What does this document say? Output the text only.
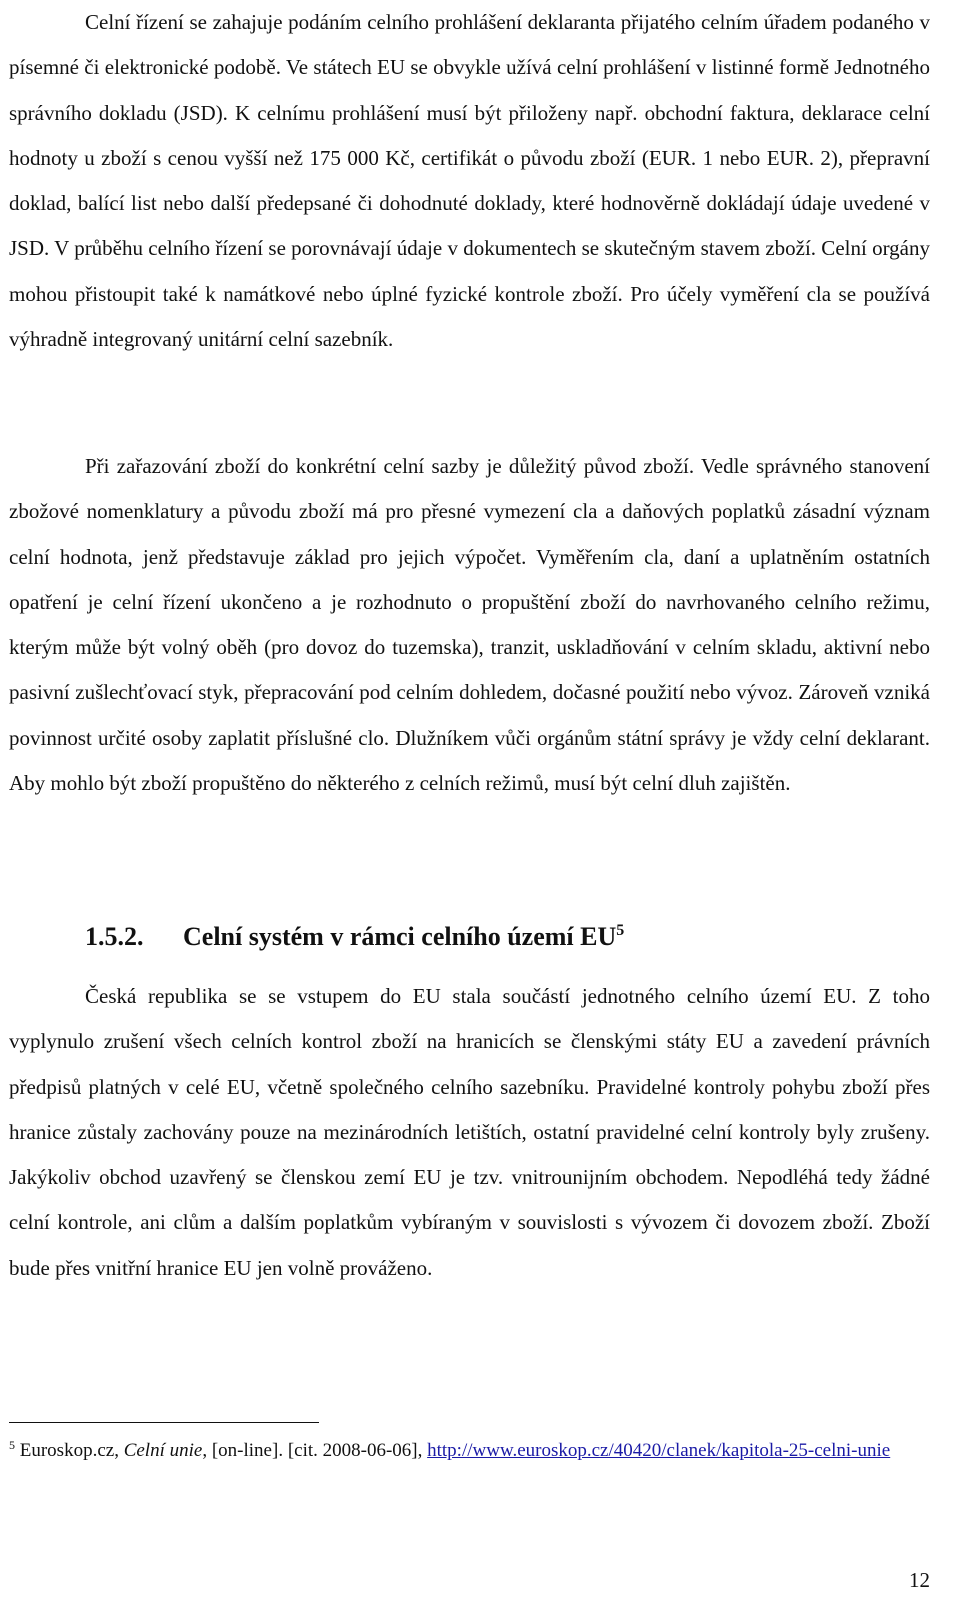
Celní řízení se zahajuje podáním celního prohlášení deklaranta přijatého celním úřadem podaného v písemné či elektronické podobě. Ve státech EU se obvykle užívá celní prohlášení v listinné formě Jednotného správního dokladu (JSD). K celnímu prohlášení musí být přiloženy např. obchodní faktura, deklarace celní hodnoty u zboží s cenou vyšší než 175 000 Kč, certifikát o původu zboží (EUR. 1 nebo EUR. 2), přepravní doklad, balící list nebo další předepsané či dohodnuté doklady, které hodnověrně dokládají údaje uvedené v JSD. V průběhu celního řízení se porovnávají údaje v dokumentech se skutečným stavem zboží. Celní orgány mohou přistoupit také k namátkové nebo úplné fyzické kontrole zboží. Pro účely vyměření cla se používá výhradně integrovaný unitární celní sazebník.

Při zařazování zboží do konkrétní celní sazby je důležitý původ zboží. Vedle správného stanovení zbožové nomenklatury a původu zboží má pro přesné vymezení cla a daňových poplatků zásadní význam celní hodnota, jenž představuje základ pro jejich výpočet. Vyměřením cla, daní a uplatněním ostatních opatření je celní řízení ukončeno a je rozhodnuto o propuštění zboží do navrhovaného celního režimu, kterým může být volný oběh (pro dovoz do tuzemska), tranzit, uskladňování v celním skladu, aktivní nebo pasivní zušlechťovací styk, přepracování pod celním dohledem, dočasné použití nebo vývoz. Zároveň vzniká povinnost určité osoby zaplatit příslušné clo. Dlužníkem vůči orgánům státní správy je vždy celní deklarant. Aby mohlo být zboží propuštěno do některého z celních režimů, musí být celní dluh zajištěn.

1.5.2. Celní systém v rámci celního území $EU^5$

Česká republika se se vstupem do EU stala součástí jednotného celního území EU. Z toho vyplynulo zrušení všech celních kontrol zboží na hranicích se členskými státy EU a zavedení právních předpisů platných v celé EU, včetně společného celního sazebníku. Pravidelné kontroly pohybu zboží přes hranice zůstaly zachovány pouze na mezinárodních letištích, ostatní pravidelné celní kontroly byly zrušeny. Jakýkoliv obchod uzavřený se členskou zemí EU je tzv. vnitrounijním obchodem. Nepodléhá tedy žádné celní kontrole, ani clům a dalším poplatkům vybíraným v souvislosti s vývozem či dovozem zboží. Zboží bude přes vnitřní hranice EU jen volně prováženo.

$^5$ Euroskop.cz, Celní unie, [on-line]. [cit. 2008-06-06], http://www.euroskop.cz/40420/clanek/kapitola-25-celni-unie
12
